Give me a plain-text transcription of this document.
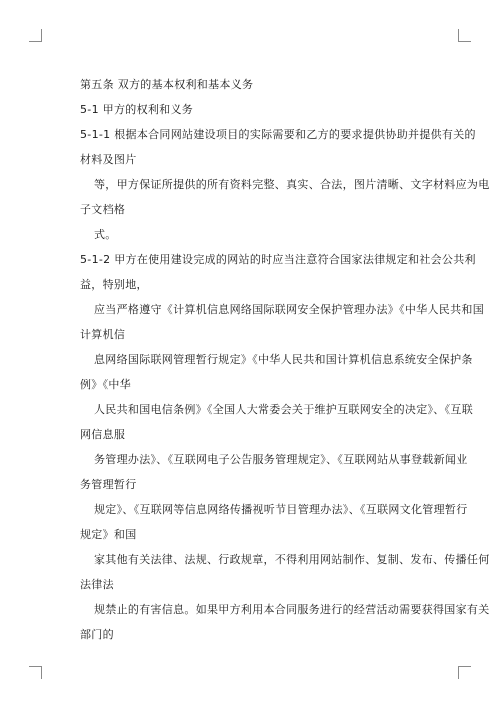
第五条 双方的基本权利和基本义务
5-1 甲方的权利和义务
5-1-1 根据本合同网站建设项目的实际需要和乙方的要求提供协助并提供有关的
材料及图片
等，甲方保证所提供的所有资料完整、真实、合法，图片清晰、文字材料应为电
子文档格
式。
5-1-2 甲方在使用建设完成的网站的时应当注意符合国家法律规定和社会公共利
益，特别地，
应当严格遵守《计算机信息网络国际联网安全保护管理办法》《中华人民共和国
计算机信
息网络国际联网管理暂行规定》《中华人民共和国计算机信息系统安全保护条
例》《中华
人民共和国电信条例》《全国人大常委会关于维护互联网安全的决定》、《互联
网信息服
务管理办法》、《互联网电子公告服务管理规定》、《互联网站从事登载新闻业
务管理暂行
规定》、《互联网等信息网络传播视听节目管理办法》、《互联网文化管理暂行
规定》和国
家其他有关法律、法规、行政规章，不得利用网站制作、复制、发布、传播任何
法律法
规禁止的有害信息。如果甲方利用本合同服务进行的经营活动需要获得国家有关
部门的
